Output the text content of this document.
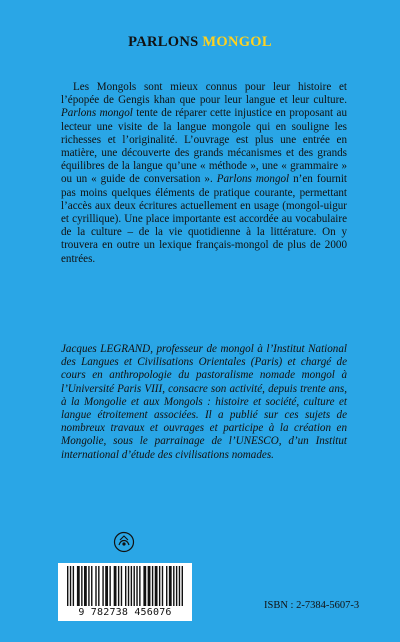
PARLONS MONGOL

Les Mongols sont mieux connus pour leur histoire et l’épopée de Gengis khan que pour leur langue et leur culture. Parlons mongol tente de réparer cette injustice en proposant au lecteur une visite de la langue mongole qui en souligne les richesses et l’originalité. L’ouvrage est plus une entrée en matière, une découverte des grands mécanismes et des grands équilibres de la langue qu’une « méthode », une « grammaire » ou un « guide de conversation ». Parlons mongol n’en fournit pas moins quelques éléments de pratique courante, permettant l’accès aux deux écritures actuellement en usage (mongol-uigur et cyrillique). Une place importante est accordée au vocabulaire de la culture – de la vie quotidienne à la littérature. On y trouvera en outre un lexique français-mongol de plus de 2000 entrées.

Jacques LEGRAND, professeur de mongol à l’Institut National des Langues et Civilisations Orientales (Paris) et chargé de cours en anthropologie du pastoralisme nomade mongol à l’Université Paris VIII, consacre son activité, depuis trente ans, à la Mongolie et aux Mongols : histoire et société, culture et langue étroitement associées. Il a publié sur ces sujets de nombreux travaux et ouvrages et participe à la création en Mongolie, sous le parrainage de l’UNESCO, d’un Institut international d’étude des civilisations nomades.

9 782738 456076
ISBN : 2-7384-5607-3
